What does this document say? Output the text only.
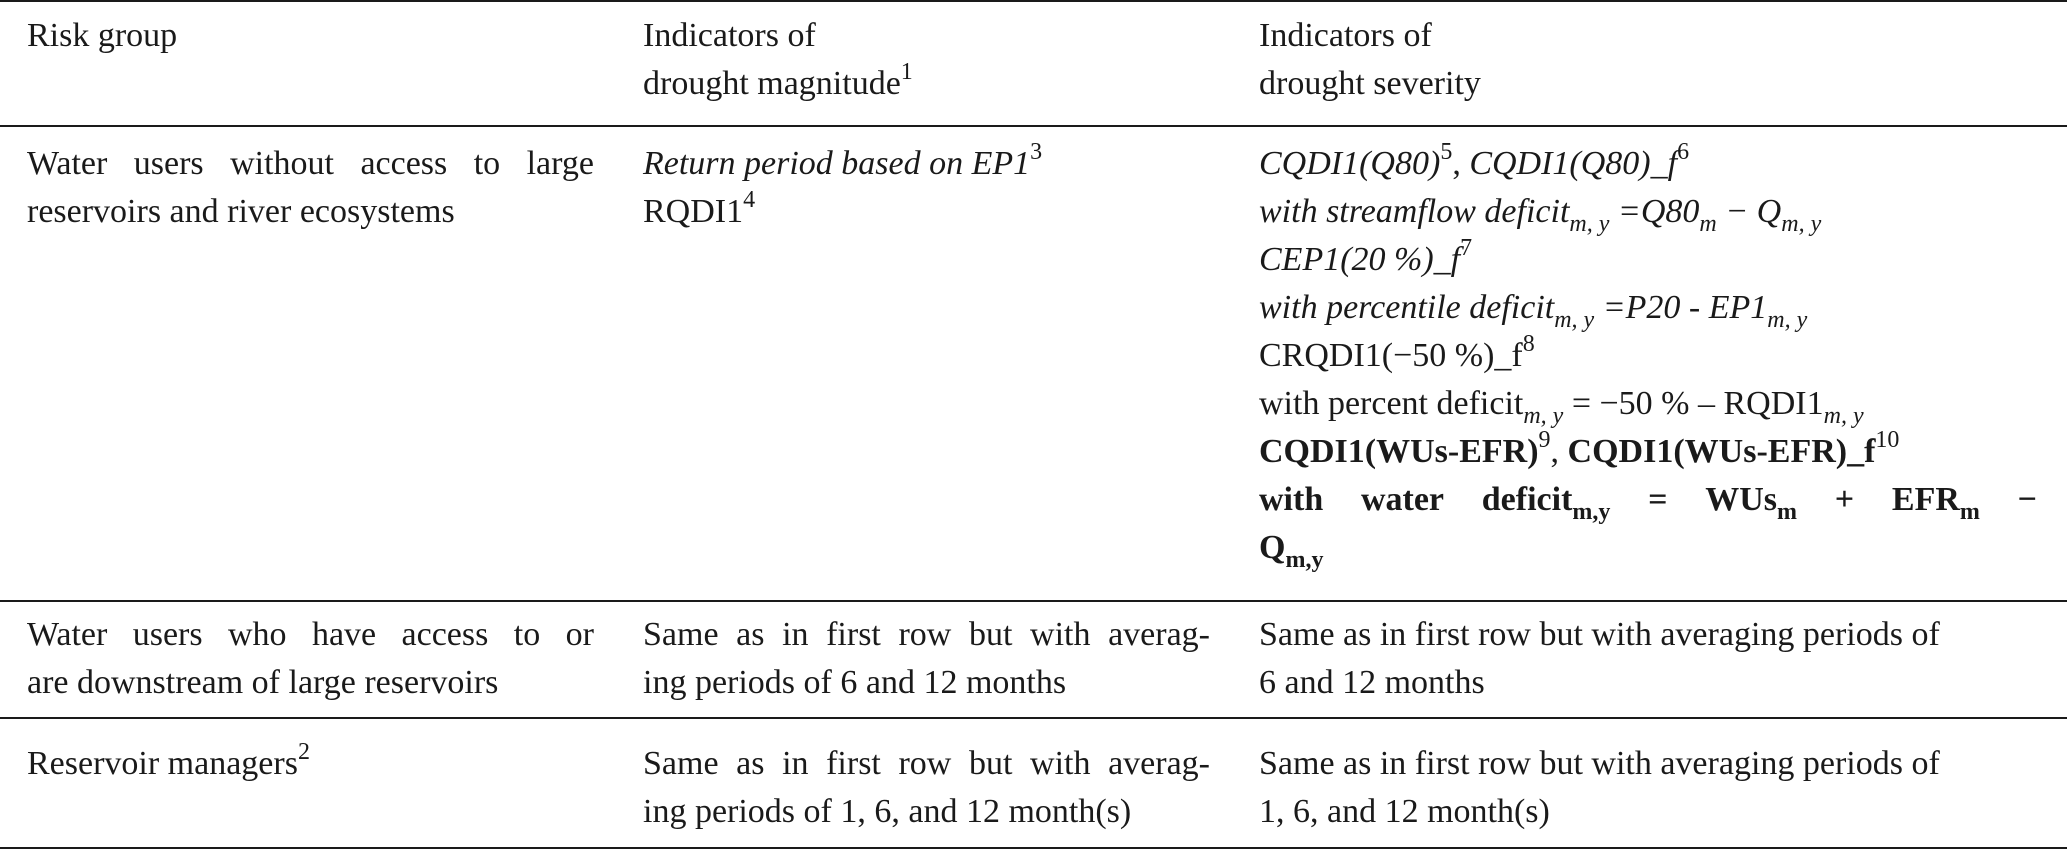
Risk group	Indicators of
drought magnitude$^1$
Indicators of
drought severity
Water users without access to large
reservoirs and river ecosystems
Return period based on $EP1^3$
$RQDI1^4$
$CQDI1(Q80)^5$, $CQDI1(Q80)\_f^6$
with streamflow deficit$_{m, y}$ $=Q80_m - Q_{m, y}$
CEP1(20 $\%)\_f^7$
with percentile deficit$_{m, y}$ $=P20 - EP1_{m, y}$
CRQDI1(−50 $\%)\_f^8$
with percent deficit$_{m, y}$ = −50 % – $RQDI1_{m, y}$
$CQDI1(WUs-EFR)^9$, $CQDI1(WUs-EFR)\_f^{10}$
with water deficit$_{m,y}$ = $WUs_m + EFR_m$ −
$Q_{m,y}$
Water users who have access to or
are downstream of large reservoirs
Same as in first row but with averag-
ing periods of 6 and 12 months
Same as in first row but with averaging periods of
6 and 12 months
Reservoir managers$^2$	Same as in first row but with averag-
ing periods of 1, 6, and 12 month(s)
Same as in first row but with averaging periods of
1, 6, and 12 month(s)
